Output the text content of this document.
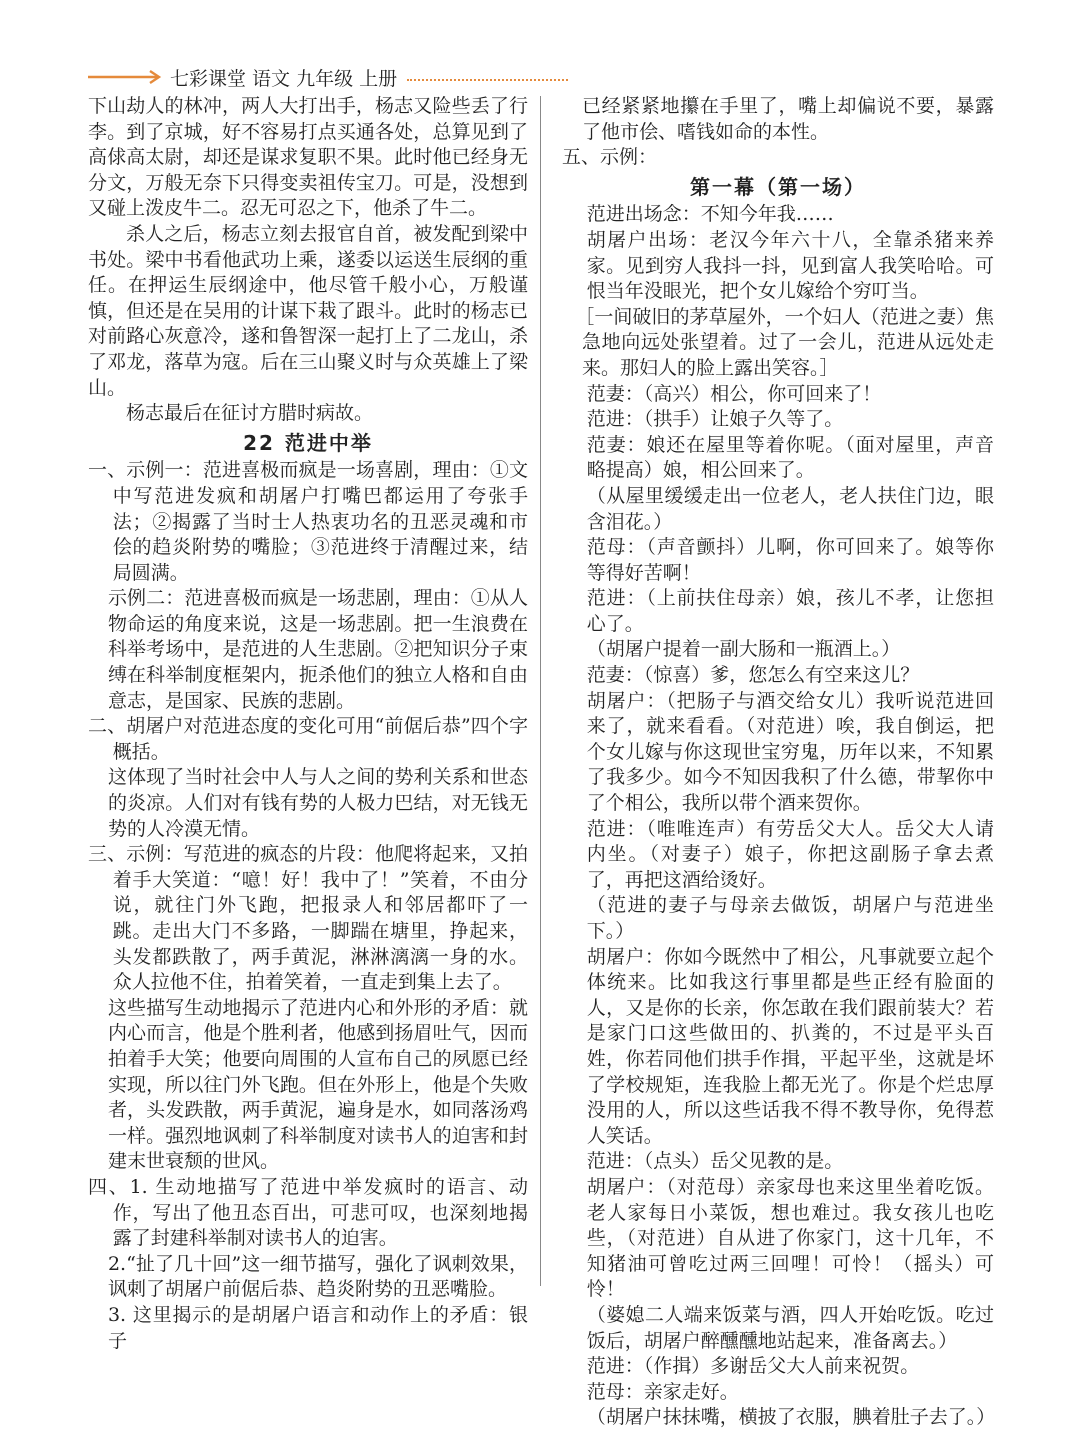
七彩课堂 语文 九年级 上册

下山劫人的林冲，两人大打出手，杨志又险些丢了行李。到了京城，好不容易打点买通各处，总算见到了高俅高太尉，却还是谋求复职不果。此时他已经身无分文，万般无奈下只得变卖祖传宝刀。可是，没想到又碰上泼皮牛二。忍无可忍之下，他杀了牛二。

杀人之后，杨志立刻去报官自首，被发配到梁中书处。梁中书看他武功上乘，遂委以运送生辰纲的重任。在押运生辰纲途中，他尽管千般小心，万般谨慎，但还是在吴用的计谋下栽了跟斗。此时的杨志已对前路心灰意冷，遂和鲁智深一起打上了二龙山，杀了邓龙，落草为寇。后在三山聚义时与众英雄上了梁山。

杨志最后在征讨方腊时病故。

22 范进中举

一、示例一：范进喜极而疯是一场喜剧，理由：①文中写范进发疯和胡屠户打嘴巴都运用了夸张手法；②揭露了当时士人热衷功名的丑恶灵魂和市侩的趋炎附势的嘴脸；③范进终于清醒过来，结局圆满。

示例二：范进喜极而疯是一场悲剧，理由：①从人物命运的角度来说，这是一场悲剧。把一生浪费在科举考场中，是范进的人生悲剧。②把知识分子束缚在科举制度框架内，扼杀他们的独立人格和自由意志，是国家、民族的悲剧。

二、胡屠户对范进态度的变化可用“前倨后恭”四个字概括。

这体现了当时社会中人与人之间的势利关系和世态的炎凉。人们对有钱有势的人极力巴结，对无钱无势的人冷漠无情。

三、示例：写范进的疯态的片段：他爬将起来，又拍着手大笑道：“噫！好！我中了！”笑着，不由分说，就往门外飞跑，把报录人和邻居都吓了一跳。走出大门不多路，一脚踹在塘里，挣起来，头发都跌散了，两手黄泥，淋淋漓漓一身的水。众人拉他不住，拍着笑着，一直走到集上去了。

这些描写生动地揭示了范进内心和外形的矛盾：就内心而言，他是个胜利者，他感到扬眉吐气，因而拍着手大笑；他要向周围的人宣布自己的夙愿已经实现，所以往门外飞跑。但在外形上，他是个失败者，头发跌散，两手黄泥，遍身是水，如同落汤鸡一样。强烈地讽刺了科举制度对读书人的迫害和封建末世衰颓的世风。

四、1. 生动地描写了范进中举发疯时的语言、动作，写出了他丑态百出，可悲可叹，也深刻地揭露了封建科举制对读书人的迫害。

2.“扯了几十回”这一细节描写，强化了讽刺效果，讽刺了胡屠户前倨后恭、趋炎附势的丑恶嘴脸。

3. 这里揭示的是胡屠户语言和动作上的矛盾：银子

已经紧紧地攥在手里了，嘴上却偏说不要，暴露了他市侩、嗜钱如命的本性。

五、示例：

第一幕（第一场）

范进出场念：不知今年我……

胡屠户出场：老汉今年六十八，全靠杀猪来养家。见到穷人我抖一抖，见到富人我笑哈哈。可恨当年没眼光，把个女儿嫁给个穷叮当。

［一间破旧的茅草屋外，一个妇人（范进之妻）焦急地向远处张望着。过了一会儿，范进从远处走来。那妇人的脸上露出笑容。］

范妻：（高兴）相公，你可回来了！

范进：（拱手）让娘子久等了。

范妻：娘还在屋里等着你呢。（面对屋里，声音略提高）娘，相公回来了。

（从屋里缓缓走出一位老人，老人扶住门边，眼含泪花。）

范母：（声音颤抖）儿啊，你可回来了。娘等你等得好苦啊！

范进：（上前扶住母亲）娘，孩儿不孝，让您担心了。

（胡屠户提着一副大肠和一瓶酒上。）

范妻：（惊喜）爹，您怎么有空来这儿？

胡屠户：（把肠子与酒交给女儿）我听说范进回来了，就来看看。（对范进）唉，我自倒运，把个女儿嫁与你这现世宝穷鬼，历年以来，不知累了我多少。如今不知因我积了什么德，带挈你中了个相公，我所以带个酒来贺你。

范进：（唯唯连声）有劳岳父大人。岳父大人请内坐。（对妻子）娘子，你把这副肠子拿去煮了，再把这酒给烫好。

（范进的妻子与母亲去做饭，胡屠户与范进坐下。）

胡屠户：你如今既然中了相公，凡事就要立起个体统来。比如我这行事里都是些正经有脸面的人，又是你的长亲，你怎敢在我们跟前装大？若是家门口这些做田的、扒粪的，不过是平头百姓，你若同他们拱手作揖，平起平坐，这就是坏了学校规矩，连我脸上都无光了。你是个烂忠厚没用的人，所以这些话我不得不教导你，免得惹人笑话。

范进：（点头）岳父见教的是。

胡屠户：（对范母）亲家母也来这里坐着吃饭。老人家每日小菜饭，想也难过。我女孩儿也吃些，（对范进）自从进了你家门，这十几年，不知猪油可曾吃过两三回哩！可怜！（摇头）可怜！

（婆媳二人端来饭菜与酒，四人开始吃饭。吃过饭后，胡屠户醉醺醺地站起来，准备离去。）

范进：（作揖）多谢岳父大人前来祝贺。

范母：亲家走好。

（胡屠户抹抹嘴，横披了衣服，腆着肚子去了。）
